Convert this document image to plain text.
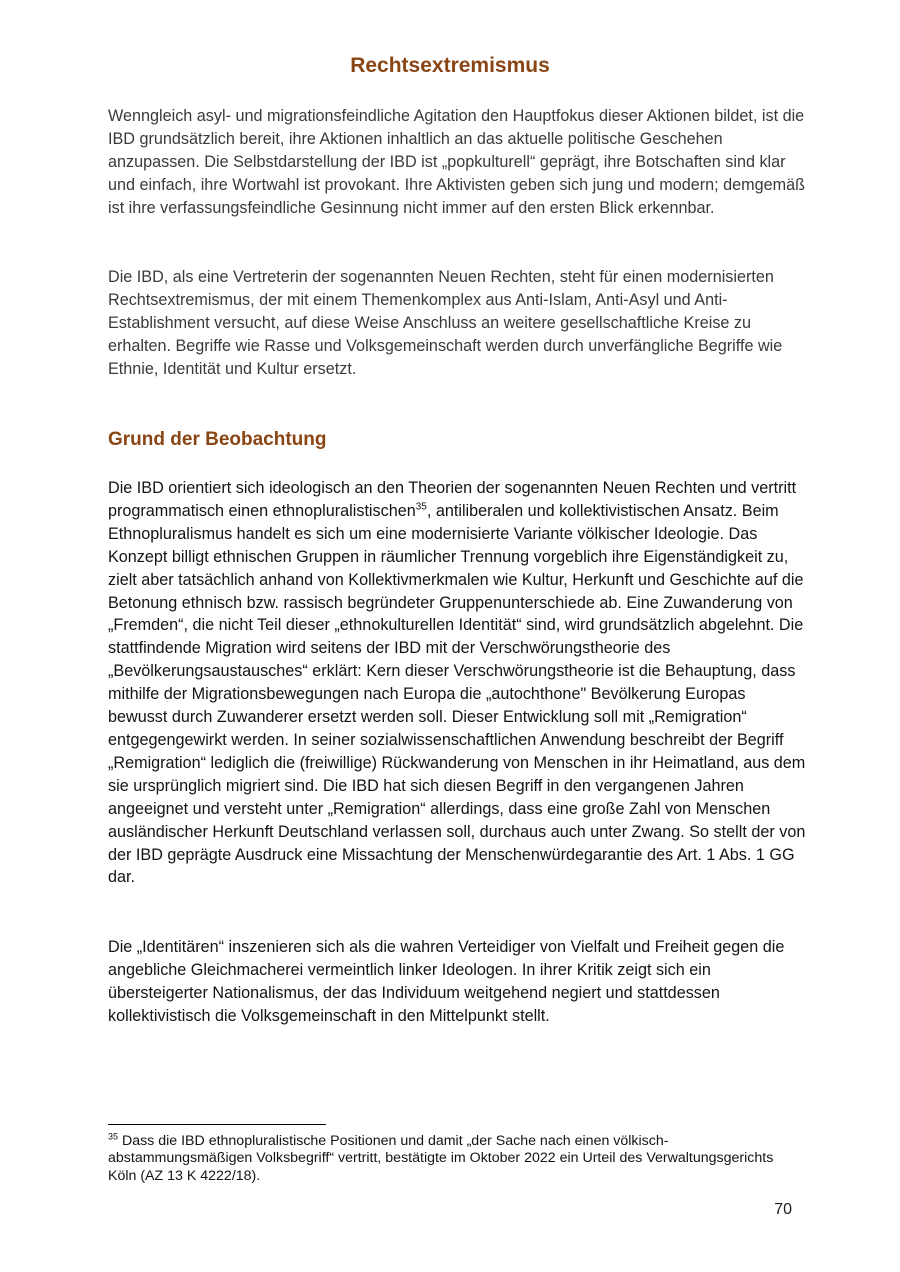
Rechtsextremismus

Wenngleich asyl- und migrationsfeindliche Agitation den Hauptfokus dieser Aktionen bildet, ist die IBD grundsätzlich bereit, ihre Aktionen inhaltlich an das aktuelle politische Geschehen anzupassen. Die Selbstdarstellung der IBD ist „popkulturell“ geprägt, ihre Botschaften sind klar und einfach, ihre Wortwahl ist provokant. Ihre Aktivisten geben sich jung und modern; demgemäß ist ihre verfassungsfeindliche Gesinnung nicht immer auf den ersten Blick erkennbar.

Die IBD, als eine Vertreterin der sogenannten Neuen Rechten, steht für einen modernisierten Rechtsextremismus, der mit einem Themenkomplex aus Anti-Islam, Anti-Asyl und Anti-Establishment versucht, auf diese Weise Anschluss an weitere gesellschaftliche Kreise zu erhalten. Begriffe wie Rasse und Volksgemeinschaft werden durch unverfängliche Begriffe wie Ethnie, Identität und Kultur ersetzt.

Grund der Beobachtung

Die IBD orientiert sich ideologisch an den Theorien der sogenannten Neuen Rechten und vertritt programmatisch einen ethnopluralistischen$^{35}$, antiliberalen und kollektivistischen Ansatz. Beim Ethnopluralismus handelt es sich um eine modernisierte Variante völkischer Ideologie. Das Konzept billigt ethnischen Gruppen in räumlicher Trennung vorgeblich ihre Eigenständigkeit zu, zielt aber tatsächlich anhand von Kollektivmerkmalen wie Kultur, Herkunft und Geschichte auf die Betonung ethnisch bzw. rassisch begründeter Gruppenunterschiede ab. Eine Zuwanderung von „Fremden“, die nicht Teil dieser „ethnokulturellen Identität“ sind, wird grundsätzlich abgelehnt. Die stattfindende Migration wird seitens der IBD mit der Verschwörungstheorie des „Bevölkerungsaustausches“ erklärt: Kern dieser Verschwörungstheorie ist die Behauptung, dass mithilfe der Migrationsbewegungen nach Europa die „autochthone" Bevölkerung Europas bewusst durch Zuwanderer ersetzt werden soll. Dieser Entwicklung soll mit „Remigration“ entgegengewirkt werden. In seiner sozialwissenschaftlichen Anwendung beschreibt der Begriff „Remigration“ lediglich die (freiwillige) Rückwanderung von Menschen in ihr Heimatland, aus dem sie ursprünglich migriert sind. Die IBD hat sich diesen Begriff in den vergangenen Jahren angeeignet und versteht unter „Remigration“ allerdings, dass eine große Zahl von Menschen ausländischer Herkunft Deutschland verlassen soll, durchaus auch unter Zwang. So stellt der von der IBD geprägte Ausdruck eine Missachtung der Menschenwürdegarantie des Art. 1 Abs. 1 GG dar.

Die „Identitären“ inszenieren sich als die wahren Verteidiger von Vielfalt und Freiheit gegen die angebliche Gleichmacherei vermeintlich linker Ideologen. In ihrer Kritik zeigt sich ein übersteigerter Nationalismus, der das Individuum weitgehend negiert und stattdessen kollektivistisch die Volksgemeinschaft in den Mittelpunkt stellt.

$^{35}$ Dass die IBD ethnopluralistische Positionen und damit „der Sache nach einen völkisch-abstammungsmäßigen Volksbegriff“ vertritt, bestätigte im Oktober 2022 ein Urteil des Verwaltungsgerichts Köln (AZ 13 K 4222/18).

70
